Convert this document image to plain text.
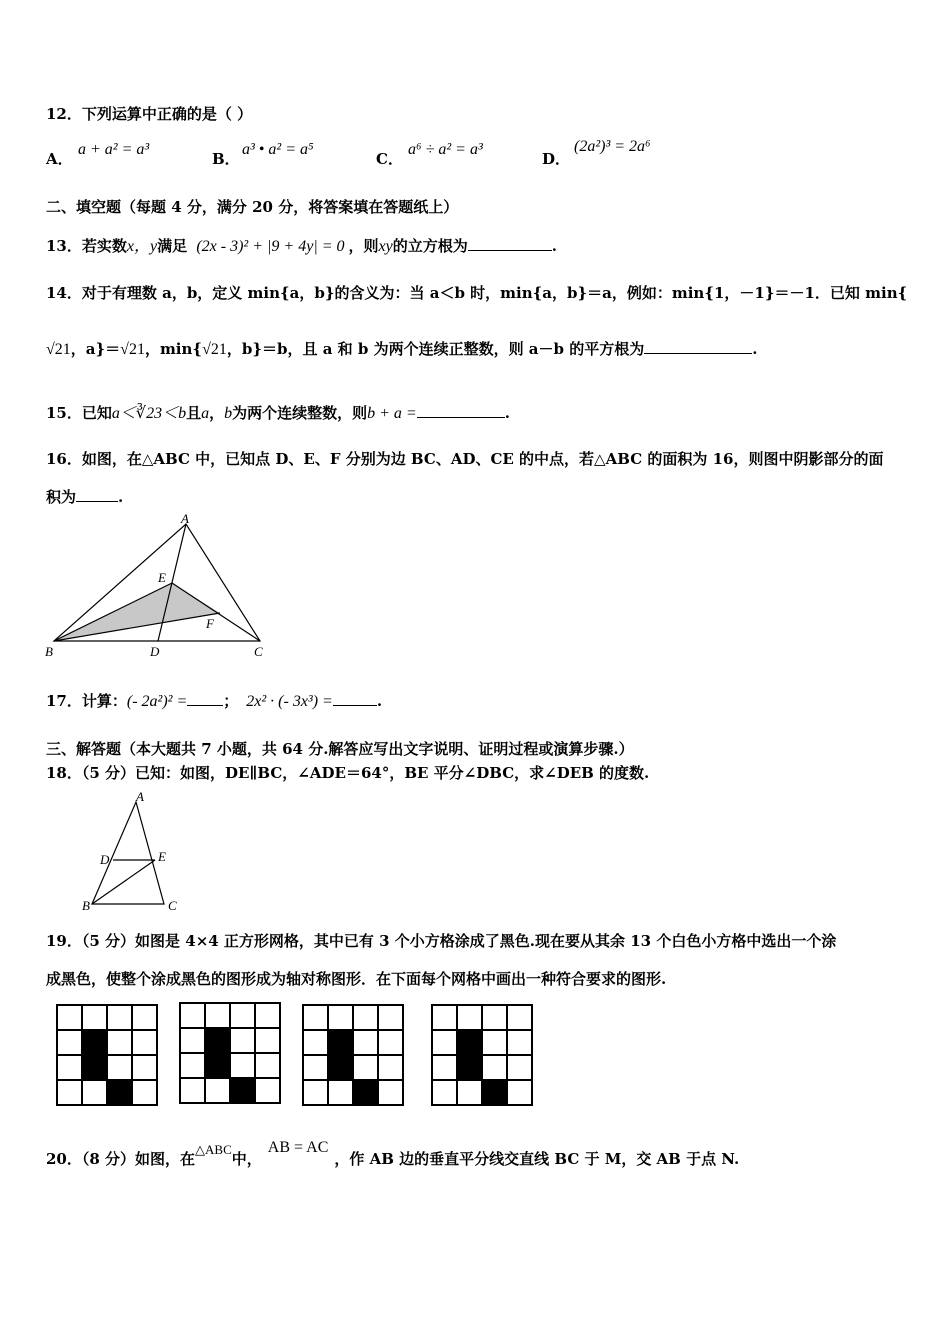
12．下列运算中正确的是（ ）
A．
a + a² = a³
B．
a³ • a² = a⁵
C．
a⁶ ÷ a² = a³
D．
(2a²)³ = 2a⁶
二、填空题（每题 4 分，满分 20 分，将答案填在答题纸上）
13．若实数x，y满足 (2x - 3)² + |9 + 4y| = 0 ，则xy的立方根为	.
14．对于有理数 a，b，定义 min{a，b}的含义为：当 a＜b 时，min{a，b}＝a，例如：min{1，－1}＝－1．已知 min{
√21，a}＝√21，min{√21，b}＝b，且 a 和 b 为两个连续正整数，则 a－b 的平方根为	.
15．已知a＜∛23＜b且a，b为两个连续整数，则b + a =	.
16．如图，在△ABC 中，已知点 D、E、F 分别为边 BC、AD、CE 的中点，若△ABC 的面积为 16，则图中阴影部分的面
积为	.
A
E
F
B	D	C
17．计算：(- 2a²)² = ； 2x² · (- 3x³) =	.
三、解答题（本大题共 7 小题，共 64 分.解答应写出文字说明、证明过程或演算步骤.）
18．（5 分）已知：如图，DE∥BC，∠ADE＝64°，BE 平分∠DBC，求∠DEB 的度数.
A
D	E
B	C
19．（5 分）如图是 4×4 正方形网格，其中已有 3 个小方格涂成了黑色.现在要从其余 13 个白色小方格中选出一个涂
成黑色，使整个涂成黑色的图形成为轴对称图形．在下面每个网格中画出一种符合要求的图形.
20．（8 分）如图，在△ABC中，AB = AC，作 AB 边的垂直平分线交直线 BC 于 M，交 AB 于点 N.
